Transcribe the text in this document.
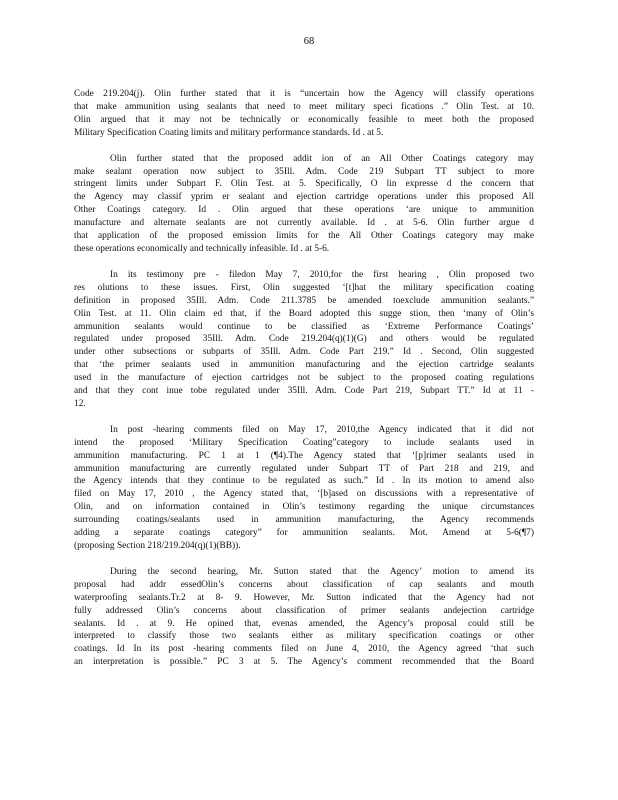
68
Code 219.204(j). Olin further stated that it is “uncertain how the Agency will classify operations
that make ammunition using sealants that need to meet military speci fications .” Olin Test. at 10.
Olin argued that it may not be technically or economically feasible to meet both the proposed
Military Specification Coating limits and military performance standards. Id . at 5.
Olin further stated that the proposed addit ion of an All Other Coatings category may
make sealant operation now subject to 35Ill. Adm. Code 219 Subpart TT subject to more
stringent limits under Subpart F. Olin Test. at 5. Specifically, O lin expresse d the concern that
the Agency may classif yprim er sealant and ejection cartridge operations under this proposed All
Other Coatings category. Id . Olin argued that these operations ‘are unique to ammunition
manufacture and alternate sealants are not currently available. Id . at 5-6. Olin further argue d
that application of the proposed emission limits for the All Other Coatings category may make
these operations economically and technically infeasible. Id . at 5-6.
In its testimony pre - filedon May 7, 2010,for the first hearing , Olin proposed two
res olutions to these issues. First, Olin suggested ‘[t]hat the military specification coating
definition in proposed 35Ill. Adm. Code 211.3785 be amended toexclude ammunition sealants.”
Olin Test. at 11. Olin claim ed that, if the Board adopted this sugge stion, then ‘many of Olin’s
ammunition sealants would continue to be classified as ‘Extreme Performance Coatings’
regulated under proposed 35Ill. Adm. Code 219.204(q)(1)(G) and others would be regulated
under other subsections or subparts of 35Ill. Adm. Code Part 219.” Id . Second, Olin suggested
that ‘the primer sealants used in ammunition manufacturing and the ejection cartridge sealants
used in the manufacture of ejection cartridges not be subject to the proposed coating regulations
and that they cont inue tobe regulated under 35Ill. Adm. Code Part 219, Subpart TT.” Id at 11 -
12.
In post -hearing comments filed on May 17, 2010,the Agency indicated that it did not
intend the proposed ‘Military Specification Coating”category to include sealants used in
ammunition manufacturing. PC 1 at 1 (¶4).The Agency stated that ‘[p]rimer sealants used in
ammunition manufacturing are currently regulated under Subpart TT of Part 218 and 219, and
the Agency intends that they continue to be regulated as such.” Id . In its motion to amend also
filed on May 17, 2010 , the Agency stated that, ‘[b]ased on discussions with a representative of
Olin, and on information contained in Olin’s testimony regarding the unique circumstances
surrounding coatings/sealants used in ammunition manufacturing, the Agency recommends
adding a separate coatings category” for ammunition sealants. Mot. Amend at 5-6(¶7)
(proposing Section 218/219.204(q)(1)(BB)).
During the second hearing, Mr. Sutton stated that the Agency’ motion to amend its
proposal had addr essedOlin’s concerns about classification of cap sealants and mouth
waterproofing sealants.Tr.2 at 8- 9. However, Mr. Sutton indicated that the Agency had not
fully addressed Olin’s concerns about classification of primer sealants andejection cartridge
sealants. Id . at 9. He opined that, evenas amended, the Agency’s proposal could still be
interpreted to classify those two sealants either as military specification coatings or other
coatings. Id In its post -hearing comments filed on June 4, 2010, the Agency agreed ‘that such
an interpretation is possible.” PC 3 at 5. The Agency’s comment recommended that the Board
